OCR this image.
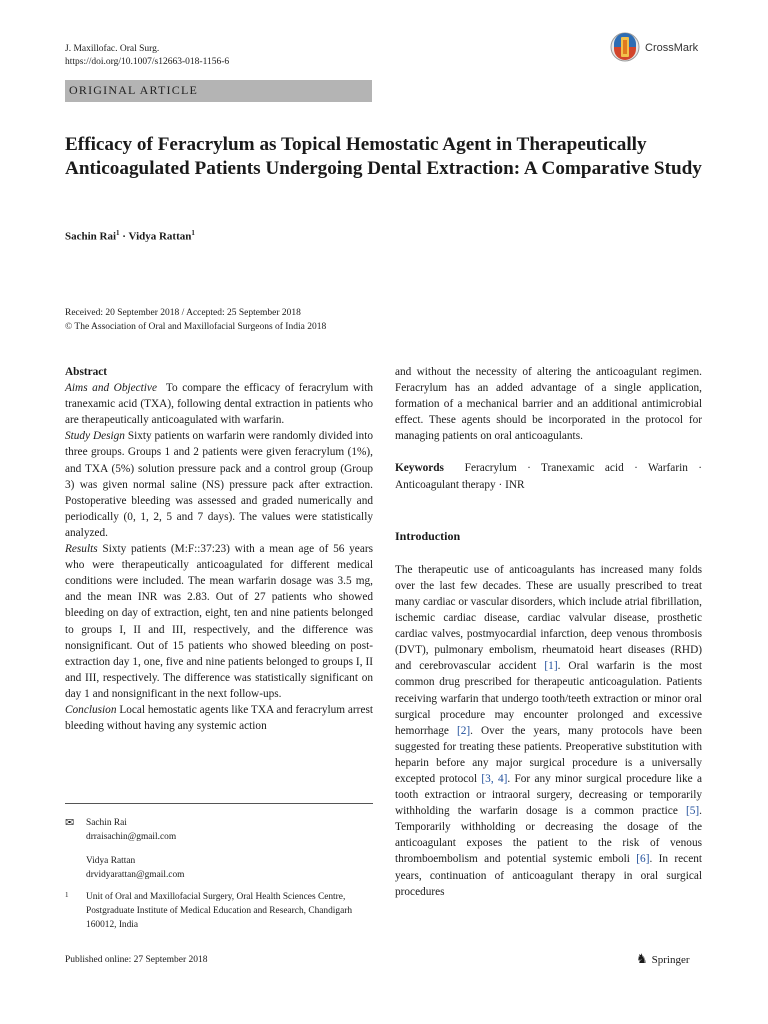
J. Maxillofac. Oral Surg.
https://doi.org/10.1007/s12663-018-1156-6
CrossMark
ORIGINAL ARTICLE
Efficacy of Feracrylum as Topical Hemostatic Agent in Therapeutically Anticoagulated Patients Undergoing Dental Extraction: A Comparative Study
Sachin Rai$^1$ · Vidya Rattan$^1$
Received: 20 September 2018 / Accepted: 25 September 2018
© The Association of Oral and Maxillofacial Surgeons of India 2018

Abstract

Aims and Objective To compare the efficacy of feracrylum with tranexamic acid (TXA), following dental extraction in patients who are therapeutically anticoagulated with warfarin.

Study Design Sixty patients on warfarin were randomly divided into three groups. Groups 1 and 2 patients were given feracrylum (1%), and TXA (5%) solution pressure pack and a control group (Group 3) was given normal saline (NS) pressure pack after extraction. Postoperative bleeding was assessed and graded numerically and periodically (0, 1, 2, 5 and 7 days). The values were statistically analyzed.

Results Sixty patients (M:F::37:23) with a mean age of 56 years who were therapeutically anticoagulated for different medical conditions were included. The mean warfarin dosage was 3.5 mg, and the mean INR was 2.83. Out of 27 patients who showed bleeding on day of extraction, eight, ten and nine patients belonged to groups I, II and III, respectively, and the difference was nonsignificant. Out of 15 patients who showed bleeding on post-extraction day 1, one, five and nine patients belonged to groups I, II and III, respectively. The difference was statistically significant on day 1 and nonsignificant in the next follow-ups.

Conclusion Local hemostatic agents like TXA and feracrylum arrest bleeding without having any systemic action

and without the necessity of altering the anticoagulant regimen. Feracrylum has an added advantage of a single application, formation of a mechanical barrier and an additional antimicrobial effect. These agents should be incorporated in the protocol for managing patients on oral anticoagulants.

Keywords Feracrylum · Tranexamic acid · Warfarin · Anticoagulant therapy · INR

Introduction

The therapeutic use of anticoagulants has increased many folds over the last few decades. These are usually prescribed to treat many cardiac or vascular disorders, which include atrial fibrillation, ischemic cardiac disease, cardiac valvular disease, prosthetic cardiac valves, postmyocardial infarction, deep venous thrombosis (DVT), pulmonary embolism, rheumatoid heart diseases (RHD) and cerebrovascular accident [1]. Oral warfarin is the most common drug prescribed for therapeutic anticoagulation. Patients receiving warfarin that undergo tooth/teeth extraction or minor oral surgical procedure may encounter prolonged and excessive hemorrhage [2]. Over the years, many protocols have been suggested for treating these patients. Preoperative substitution with heparin before any major surgical procedure is a universally excepted protocol [3, 4]. For any minor surgical procedure like a tooth extraction or intraoral surgery, decreasing or temporarily withholding the warfarin dosage is a common practice [5]. Temporarily withholding or decreasing the dosage of the anticoagulant exposes the patient to the risk of venous thromboembolism and potential systemic emboli [6]. In recent years, continuation of anticoagulant therapy in oral surgical procedures

✉ Sachin Rai
drraisachin@gmail.com
Vidya Rattan
drvidyarattan@gmail.com
1 Unit of Oral and Maxillofacial Surgery, Oral Health Sciences Centre, Postgraduate Institute of Medical Education and Research, Chandigarh 160012, India
Published online: 27 September 2018	♞ Springer
